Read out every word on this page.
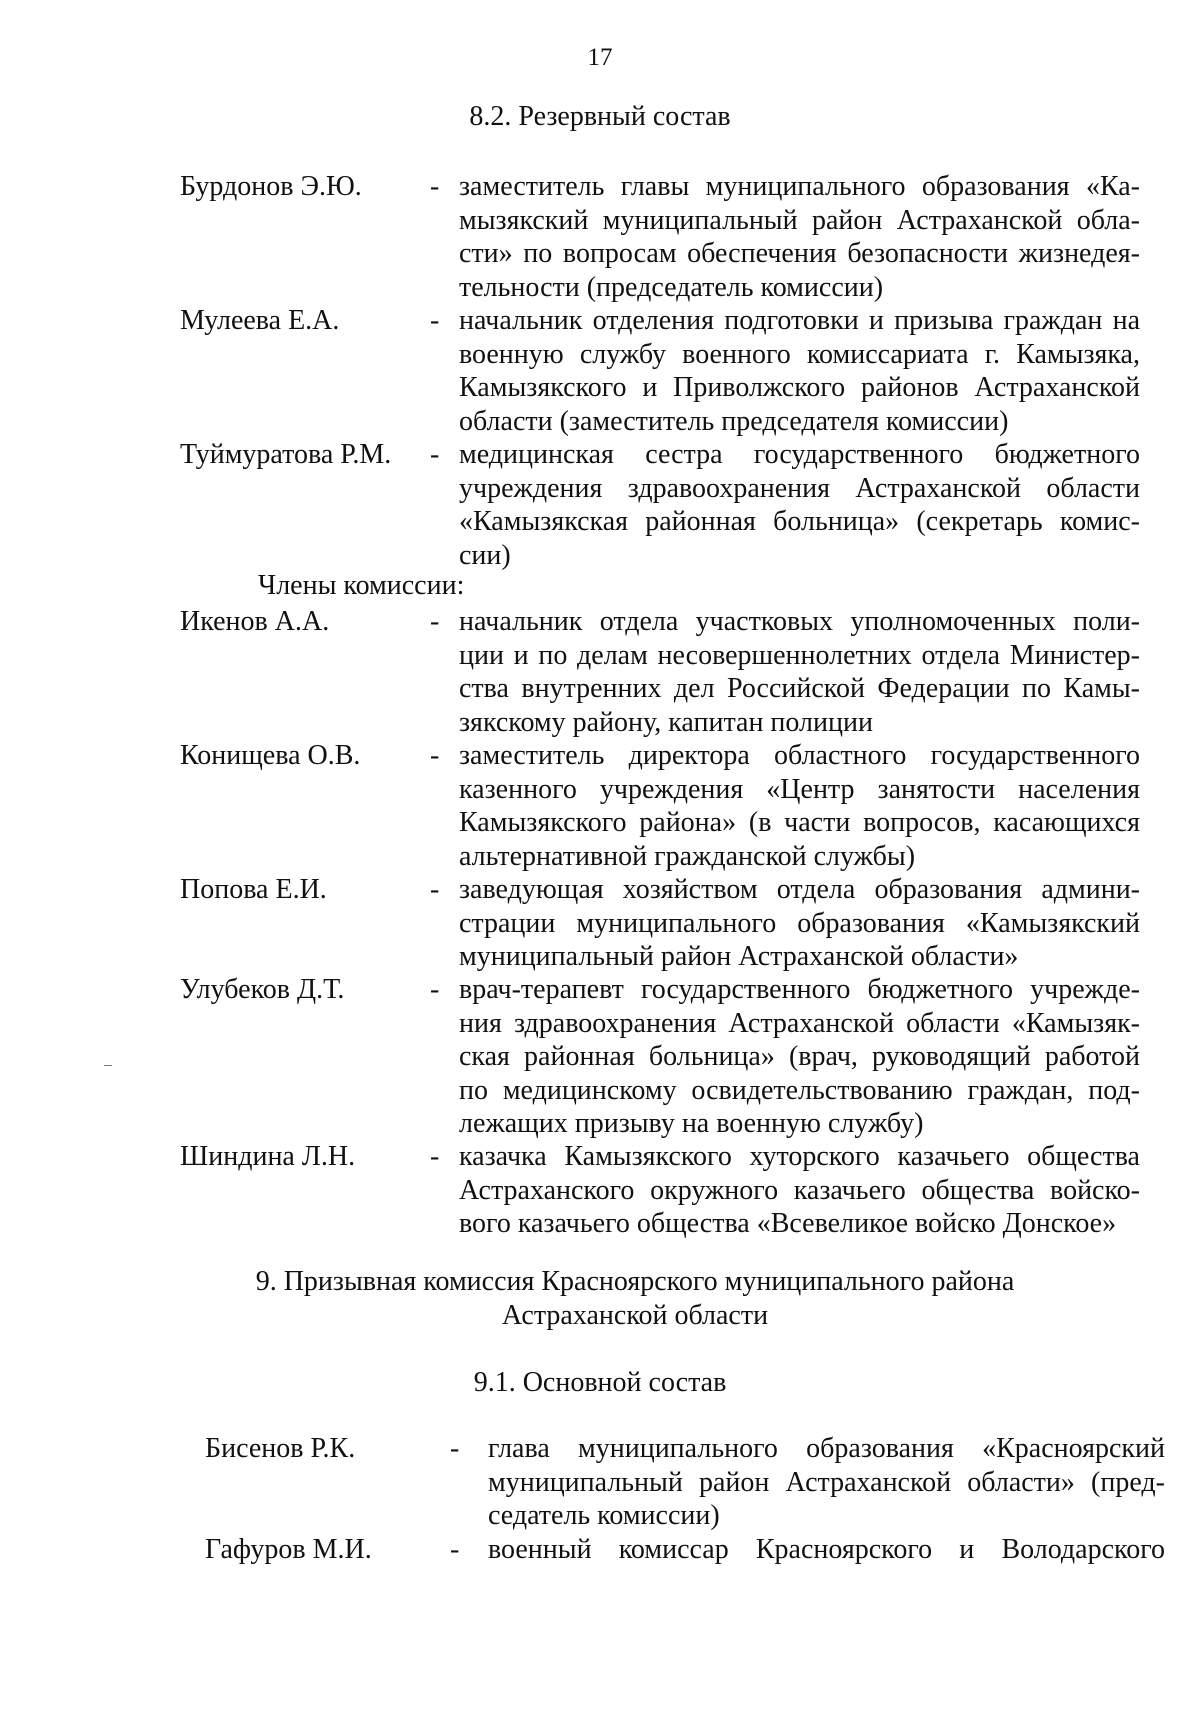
17

8.2. Резервный состав
Бурдонов Э.Ю. - заместитель главы муниципального образования «Ка-
мызякский муниципальный район Астраханской обла-
сти» по вопросам обеспечения безопасности жизнедея-
тельности (председатель комиссии)
Мулеева Е.А.	- начальник отделения подготовки и призыва граждан на
военную службу военного комиссариата г. Камызяка,
Камызякского и Приволжского районов Астраханской
области (заместитель председателя комиссии)
Туймуратова Р.М. - медицинская сестра государственного бюджетного
учреждения здравоохранения Астраханской области
«Камызякская районная больница» (секретарь комис-
сии)

Члены комиссии:

Икенов А.А.	- начальник отдела участковых уполномоченных поли-
ции и по делам несовершеннолетних отдела Министер-
ства внутренних дел Российской Федерации по Камы-
зякскому району, капитан полиции
Конищева О.В. - заместитель директора областного государственного
казенного учреждения «Центр занятости населения
Камызякского района» (в части вопросов, касающихся
альтернативной гражданской службы)
Попова Е.И.	- заведующая хозяйством отдела образования админи-
страции муниципального образования «Камызякский
муниципальный район Астраханской области»
Улубеков Д.Т.	- врач-терапевт государственного бюджетного учрежде-
ния здравоохранения Астраханской области «Камызяк-
ская районная больница» (врач, руководящий работой
по медицинскому освидетельствованию граждан, под-
лежащих призыву на военную службу)
Шиндина Л.Н.	- казачка Камызякского хуторского казачьего общества
Астраханского окружного казачьего общества войско-
вого казачьего общества «Всевеликое войско Донское»
9. Призывная комиссия Красноярского муниципального района
Астраханской области
9.1. Основной состав
Бисенов Р.К.	- глава муниципального образования «Красноярский
муниципальный район Астраханской области» (пред-
седатель комиссии)
Гафуров М.И.	- военный комиссар Красноярского и Володарского
